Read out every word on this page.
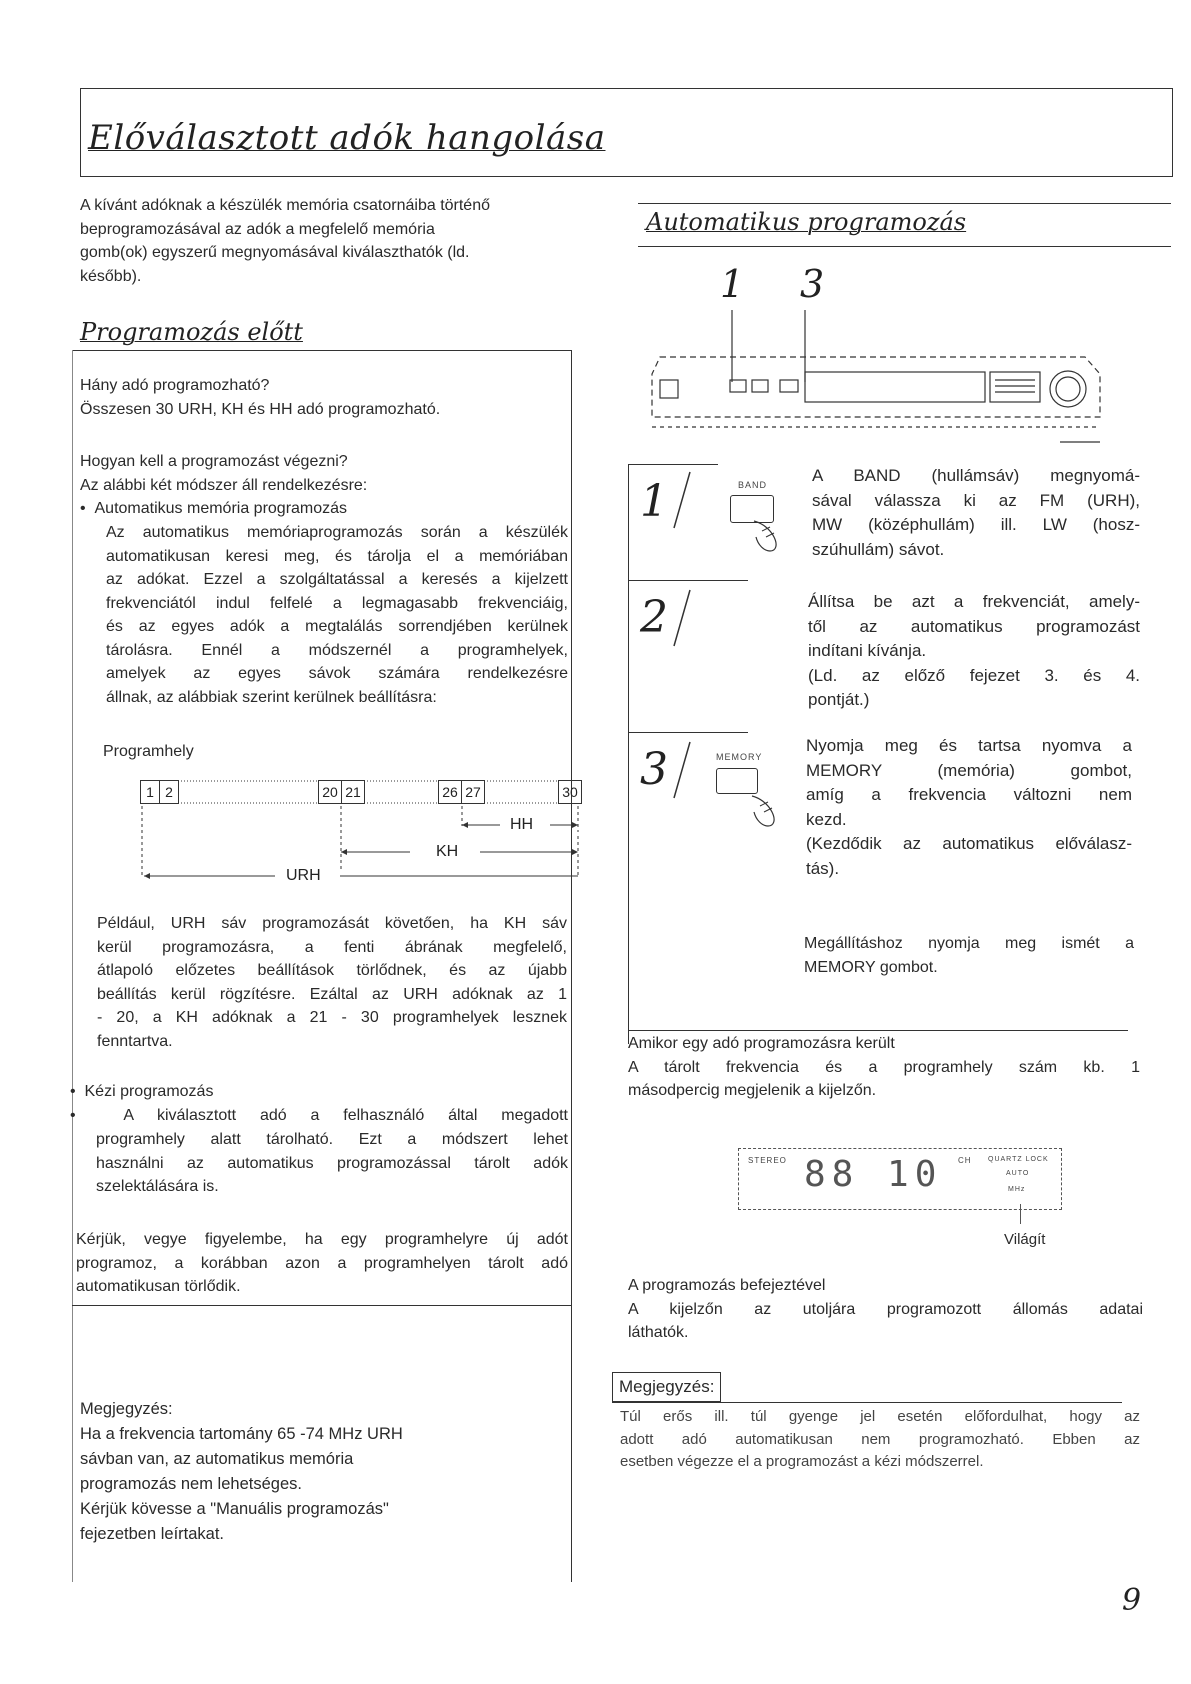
Előválasztott adók hangolása
A kívánt adóknak a készülék memória csatornáiba történő
beprogramozásával az adók a megfelelő memória
gomb(ok) egyszerű megnyomásával kiválaszthatók (ld.
később).
Programozás előtt
Hány adó programozható?
Összesen 30 URH, KH és HH adó programozható.
Hogyan kell a programozást végezni?
Az alábbi két módszer áll rendelkezésre:
•  Automatikus memória programozás
Az automatikus memóriaprogramozás során a készülék
automatikusan keresi meg, és tárolja el a memóriában
az adókat. Ezzel a szolgáltatással a keresés a kijelzett
frekvenciától indul felfelé a legmagasabb frekvenciáig,
és az egyes adók a megtalálás sorrendjében kerülnek
tárolásra. Ennél a módszernél a programhelyek,
amelyek az egyes sávok számára rendelkezésre
állnak, az alábbiak szerint kerülnek beállításra:
Programhely
1 2	20 21	26 27	30
HH
KH
URH
Például, URH sáv programozását követően, ha KH sáv
kerül programozásra, a fenti ábrának megfelelő,
átlapoló előzetes beállítások törlődnek, és az újabb
beállítás kerül rögzítésre. Ezáltal az URH adóknak az 1
- 20, a KH adóknak a 21 - 30 programhelyek lesznek
fenntartva.
•  Kézi programozás
•  A kiválasztott adó a felhasználó által megadott
programhely alatt tárolható. Ezt a módszert lehet
használni az automatikus programozással tárolt adók
szelektálására is.
Kérjük, vegye figyelembe, ha egy programhelyre új adót
programoz, a korábban azon a programhelyen tárolt adó
automatikusan törlődik.
Megjegyzés:
Ha a frekvencia tartomány 65 -74 MHz URH
sávban van, az automatikus memória
programozás nem lehetséges.
Kérjük kövesse a "Manuális programozás"
fejezetben leírtakat.
Automatikus programozás
1 3
1	BAND	A BAND (hullámsáv) megnyomá-
sával válassza ki az FM (URH),
MW (középhullám) ill. LW (hosz-
szúhullám) sávot.
2	Állítsa be azt a frekvenciát, amely-
től az automatikus programozást
indítani kívánja.
(Ld. az előző fejezet 3. és 4.
pontját.)
3	MEMORY
Nyomja meg és tartsa nyomva a
MEMORY (memória) gombot,
amíg a frekvencia változni nem
kezd.
(Kezdődik az automatikus előválasz-
tás).
Megállításhoz nyomja meg ismét a
MEMORY gombot.
Amikor egy adó programozásra került
A tárolt frekvencia és a programhely szám kb. 1
másodpercig megjelenik a kijelzőn.
STEREO 88 10 CH QUARTZ LOCK
AUTO
MHz
Világít
A programozás befejeztével
A kijelzőn az utoljára programozott állomás adatai
láthatók.
Megjegyzés:
Túl erős ill. túl gyenge jel esetén előfordulhat, hogy az
adott adó automatikusan nem programozható. Ebben az
esetben végezze el a programozást a kézi módszerrel.
9
